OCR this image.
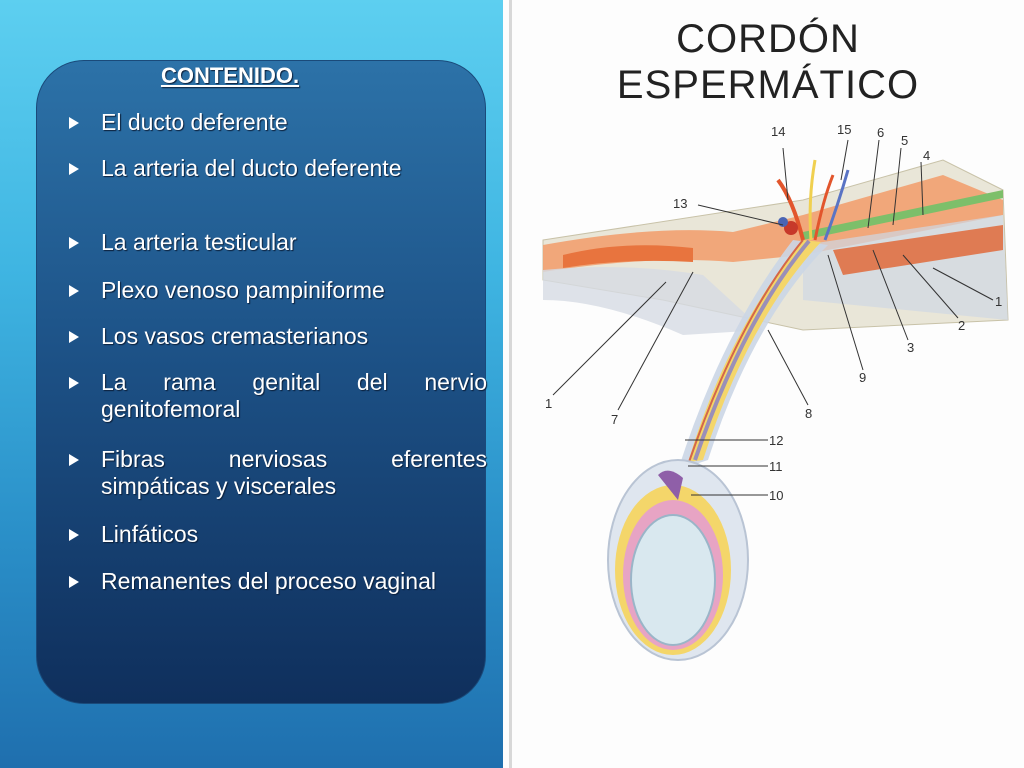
CONTENIDO.
El ducto deferente
La arteria del ducto deferente
La arteria testicular
Plexo venoso pampiniforme
Los vasos cremasterianos
La rama genital del nervio genitofemoral
Fibras nerviosas eferentes simpáticas y viscerales
Linfáticos
Remanentes del proceso vaginal
1
2
3
4
5
6
1
7	8
9
10
11
12
13
14	15
CORDÓN
ESPERMÁTICO
